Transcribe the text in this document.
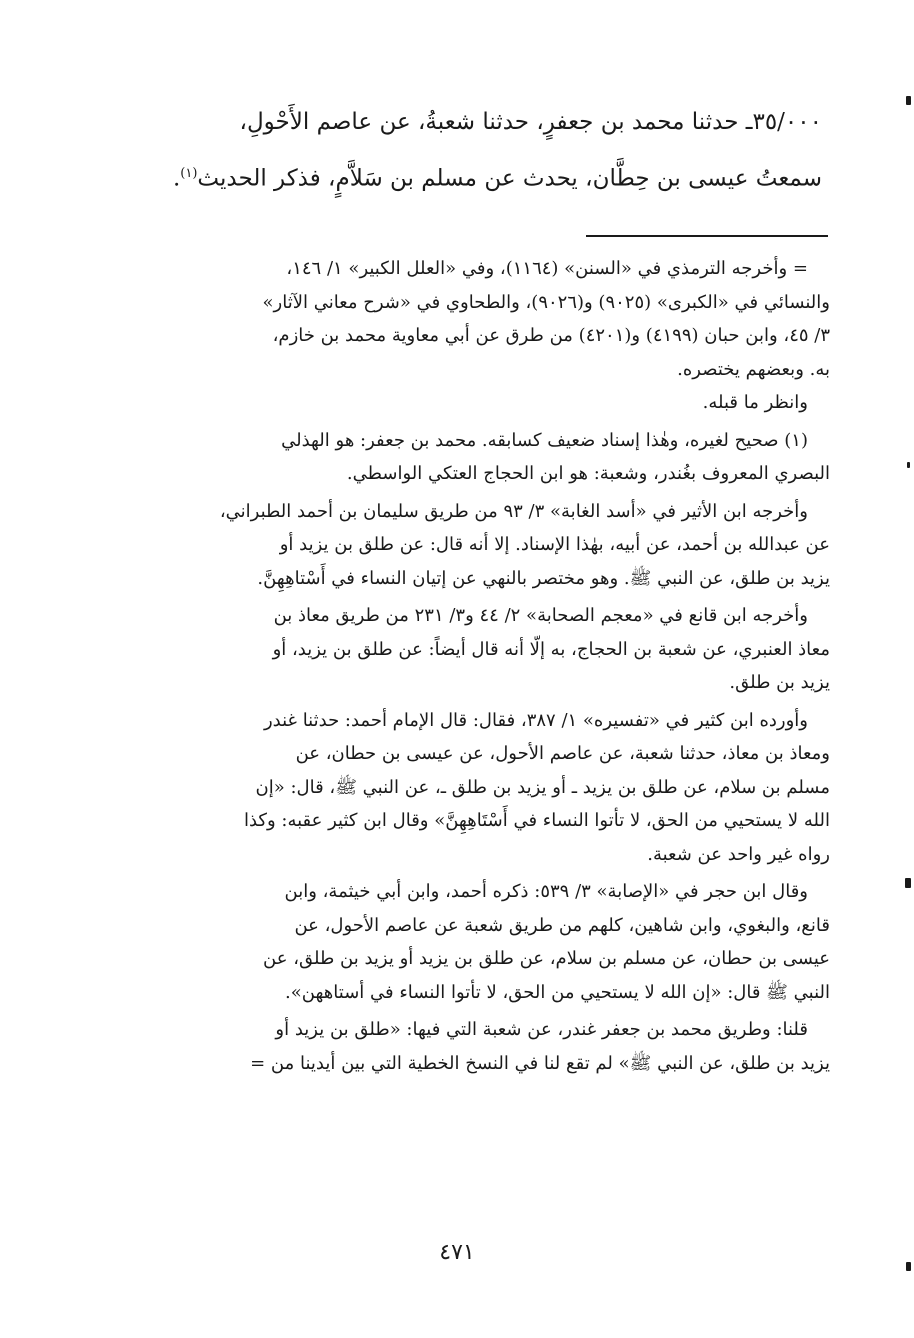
٣٥/٠٠٠ـ حدثنا محمد بن جعفرٍ، حدثنا شعبةُ، عن عاصم الأَحْولِ،

سمعتُ عيسى بن حِطَّان، يحدث عن مسلم بن سَلاَّمٍ، فذكر الحديث$^{(١)}$.

= وأخرجه الترمذي في «السنن» (١١٦٤)، وفي «العلل الكبير» ١/ ١٤٦،

والنسائي في «الكبرى» (٩٠٢٥) و(٩٠٢٦)، والطحاوي في «شرح معاني الآثار»

٣/ ٤٥، وابن حبان (٤١٩٩) و(٤٢٠١) من طرق عن أبي معاوية محمد بن خازم،

به. وبعضهم يختصره.

وانظر ما قبله.

(١) صحيح لغيره، وهٰذا إسناد ضعيف كسابقه. محمد بن جعفر: هو الهذلي

البصري المعروف بغُندر، وشعبة: هو ابن الحجاج العتكي الواسطي.

وأخرجه ابن الأثير في «أسد الغابة» ٣/ ٩٣ من طريق سليمان بن أحمد الطبراني،

عن عبدالله بن أحمد، عن أبيه، بهٰذا الإسناد. إلا أنه قال: عن طلق بن يزيد أو

يزيد بن طلق، عن النبي ﷺ. وهو مختصر بالنهي عن إتيان النساء في أَسْتاهِهِنَّ.

وأخرجه ابن قانع في «معجم الصحابة» ٢/ ٤٤ و٣/ ٢٣١ من طريق معاذ بن

معاذ العنبري، عن شعبة بن الحجاج، به إلّا أنه قال أيضاً: عن طلق بن يزيد، أو

يزيد بن طلق.

وأورده ابن كثير في «تفسيره» ١/ ٣٨٧، فقال: قال الإمام أحمد: حدثنا غندر

ومعاذ بن معاذ، حدثنا شعبة، عن عاصم الأحول، عن عيسى بن حطان، عن

مسلم بن سلام، عن طلق بن يزيد ـ أو يزيد بن طلق ـ، عن النبي ﷺ، قال: «إن

الله لا يستحيي من الحق، لا تأتوا النساء في أَسْتَاهِهِنَّ» وقال ابن كثير عقبه: وكذا

رواه غير واحد عن شعبة.

وقال ابن حجر في «الإصابة» ٣/ ٥٣٩: ذكره أحمد، وابن أبي خيثمة، وابن

قانع، والبغوي، وابن شاهين، كلهم من طريق شعبة عن عاصم الأحول، عن

عيسى بن حطان، عن مسلم بن سلام، عن طلق بن يزيد أو يزيد بن طلق، عن

النبي ﷺ قال: «إن الله لا يستحيي من الحق، لا تأتوا النساء في أستاههن».

قلنا: وطريق محمد بن جعفر غندر، عن شعبة التي فيها: «طلق بن يزيد أو

يزيد بن طلق، عن النبي ﷺ» لم تقع لنا في النسخ الخطية التي بين أيدينا من =

٤٧١
